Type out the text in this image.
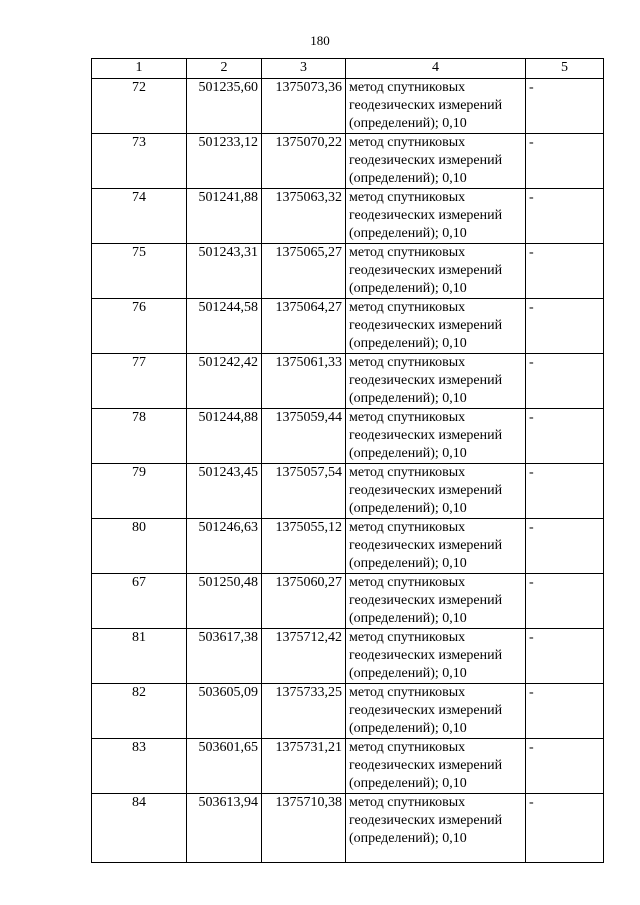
180
1	2	3	4	5
72	501235,60	1375073,36	метод спутниковых геодезических измерений (определений); 0,10	-
73	501233,12	1375070,22	метод спутниковых геодезических измерений (определений); 0,10	-
74	501241,88	1375063,32	метод спутниковых геодезических измерений (определений); 0,10	-
75	501243,31	1375065,27	метод спутниковых геодезических измерений (определений); 0,10	-
76	501244,58	1375064,27	метод спутниковых геодезических измерений (определений); 0,10	-
77	501242,42	1375061,33	метод спутниковых геодезических измерений (определений); 0,10	-
78	501244,88	1375059,44	метод спутниковых геодезических измерений (определений); 0,10	-
79	501243,45	1375057,54	метод спутниковых геодезических измерений (определений); 0,10	-
80	501246,63	1375055,12	метод спутниковых геодезических измерений (определений); 0,10	-
67	501250,48	1375060,27	метод спутниковых геодезических измерений (определений); 0,10	-
81	503617,38	1375712,42	метод спутниковых геодезических измерений (определений); 0,10	-
82	503605,09	1375733,25	метод спутниковых геодезических измерений (определений); 0,10	-
83	503601,65	1375731,21	метод спутниковых геодезических измерений (определений); 0,10	-
84	503613,94	1375710,38	метод спутниковых геодезических измерений (определений); 0,10	-
